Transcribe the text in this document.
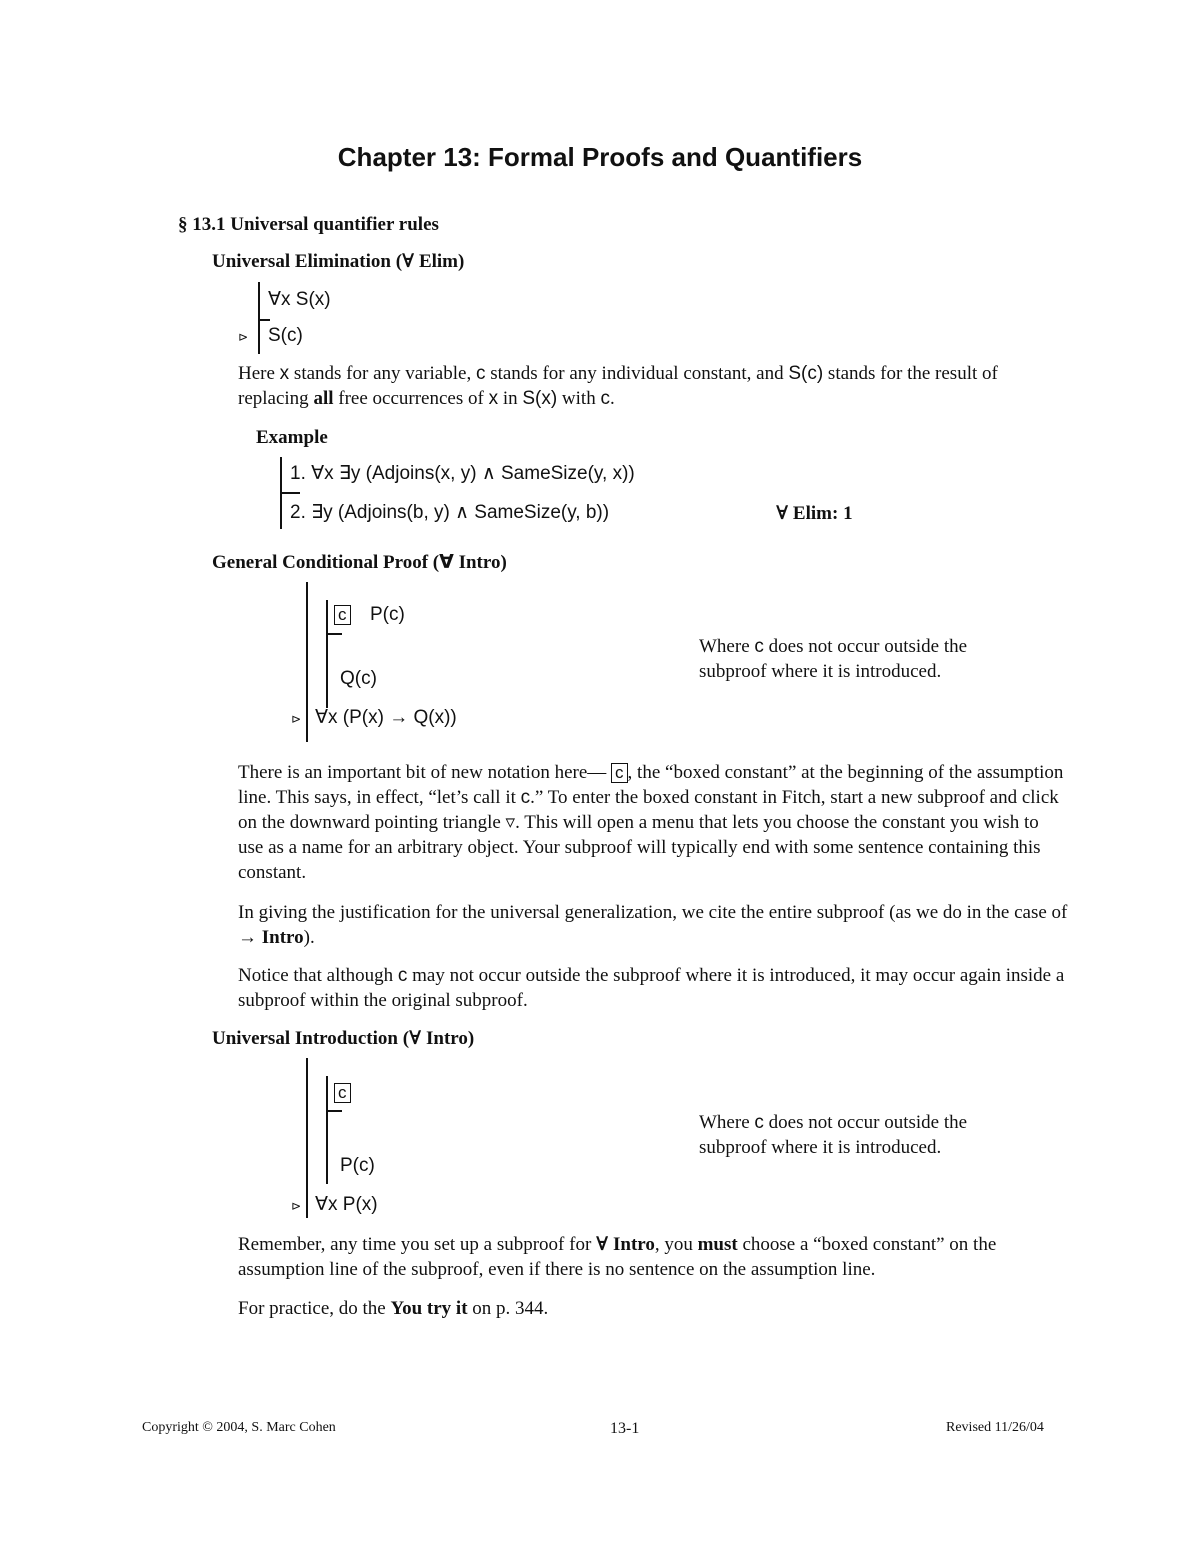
Chapter 13: Formal Proofs and Quantifiers
§ 13.1 Universal quantifier rules
Universal Elimination (∀ Elim)
∀x S(x)
⊳ S(c)
Here x stands for any variable, c stands for any individual constant, and S(c) stands for the result of replacing all free occurrences of x in S(x) with c.
Example
1. ∀x ∃y (Adjoins(x, y) ∧ SameSize(y, x))
2. ∃y (Adjoins(b, y) ∧ SameSize(y, b))	∀ Elim: 1
General Conditional Proof (∀ Intro)
c P(c)
Q(c)
⊳ ∀x (P(x) → Q(x))
Where c does not occur outside the subproof where it is introduced.
There is an important bit of new notation here— c , the “boxed constant” at the beginning of the assumption line. This says, in effect, “let’s call it c.” To enter the boxed constant in Fitch, start a new subproof and click on the downward pointing triangle ▿. This will open a menu that lets you choose the constant you wish to use as a name for an arbitrary object. Your subproof will typically end with some sentence containing this constant.
In giving the justification for the universal generalization, we cite the entire subproof (as we do in the case of → Intro).
Notice that although c may not occur outside the subproof where it is introduced, it may occur again inside a subproof within the original subproof.
Universal Introduction (∀ Intro)
c
P(c)
⊳ ∀x P(x)
Where c does not occur outside the subproof where it is introduced.
Remember, any time you set up a subproof for ∀ Intro, you must choose a “boxed constant” on the assumption line of the subproof, even if there is no sentence on the assumption line.
For practice, do the You try it on p. 344.
Copyright © 2004, S. Marc Cohen	13-1	Revised 11/26/04
